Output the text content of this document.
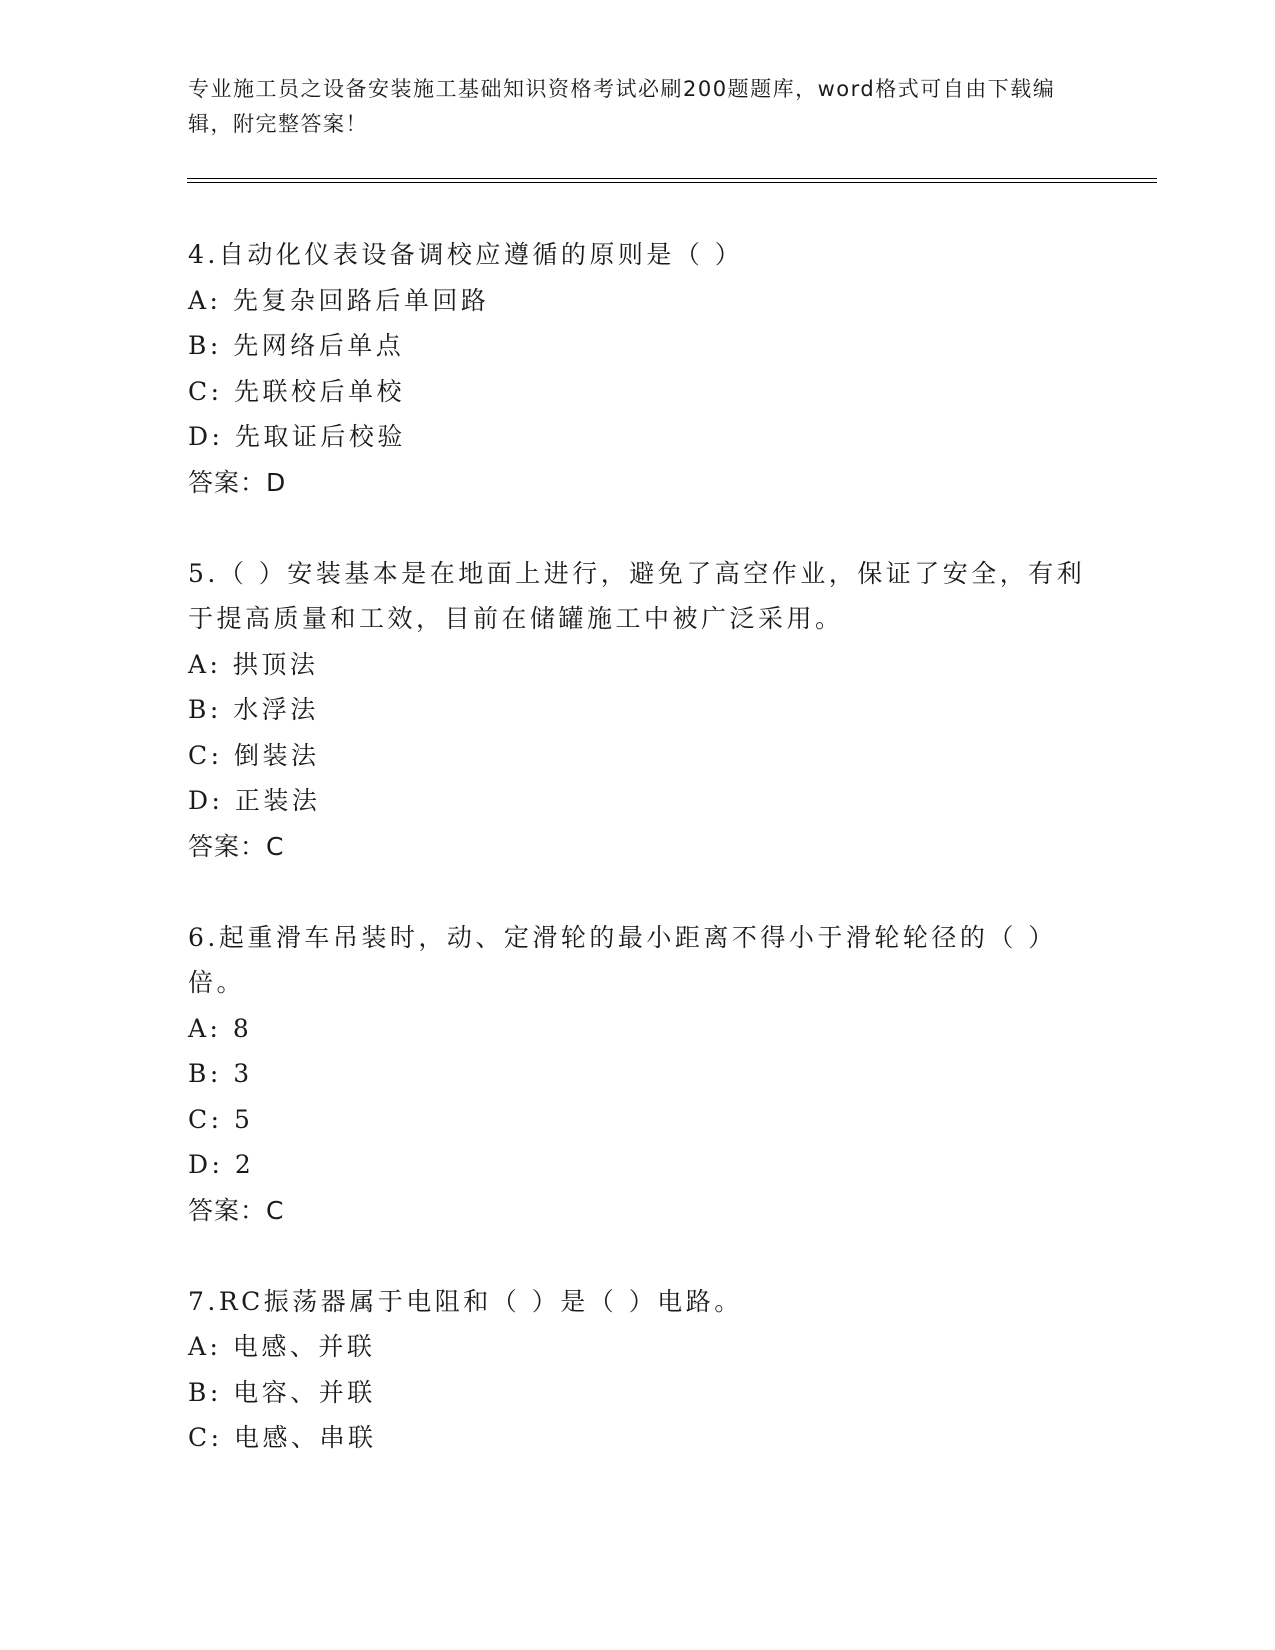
专业施工员之设备安装施工基础知识资格考试必刷200题题库，word格式可自由下载编辑，附完整答案！

4.自动化仪表设备调校应遵循的原则是（ ）

A: 先复杂回路后单回路

B: 先网络后单点

C: 先联校后单校

D: 先取证后校验

答案：D

5.（ ）安装基本是在地面上进行，避免了高空作业，保证了安全，有利于提高质量和工效，目前在储罐施工中被广泛采用。

A: 拱顶法

B: 水浮法

C: 倒装法

D: 正装法

答案：C

6.起重滑车吊装时，动、定滑轮的最小距离不得小于滑轮轮径的（ ）倍。

A: 8

B: 3

C: 5

D: 2

答案：C

7.RC振荡器属于电阻和（ ）是（ ）电路。

A: 电感、并联

B: 电容、并联

C: 电感、串联
